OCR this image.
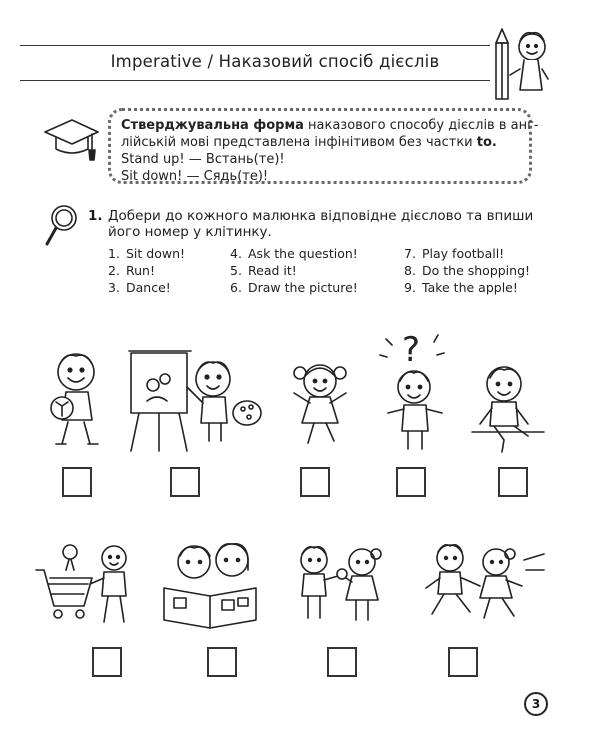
Imperative / Наказовий спосіб дієслів
Стверджувальна форма наказового способу дієслів в анг-
лійській мові представлена інфінітивом без частки to.
Stand up! — Встань(те)!
Sit down! — Сядь(те)!
1. Добери до кожного малюнка відповідне дієслово та впиши його номер у клітинку.
1. Sit down!
2. Run!
3. Dance!
4. Ask the question!
5. Read it!
6. Draw the picture!
7. Play football!
8. Do the shopping!
9. Take the apple!
?
3
